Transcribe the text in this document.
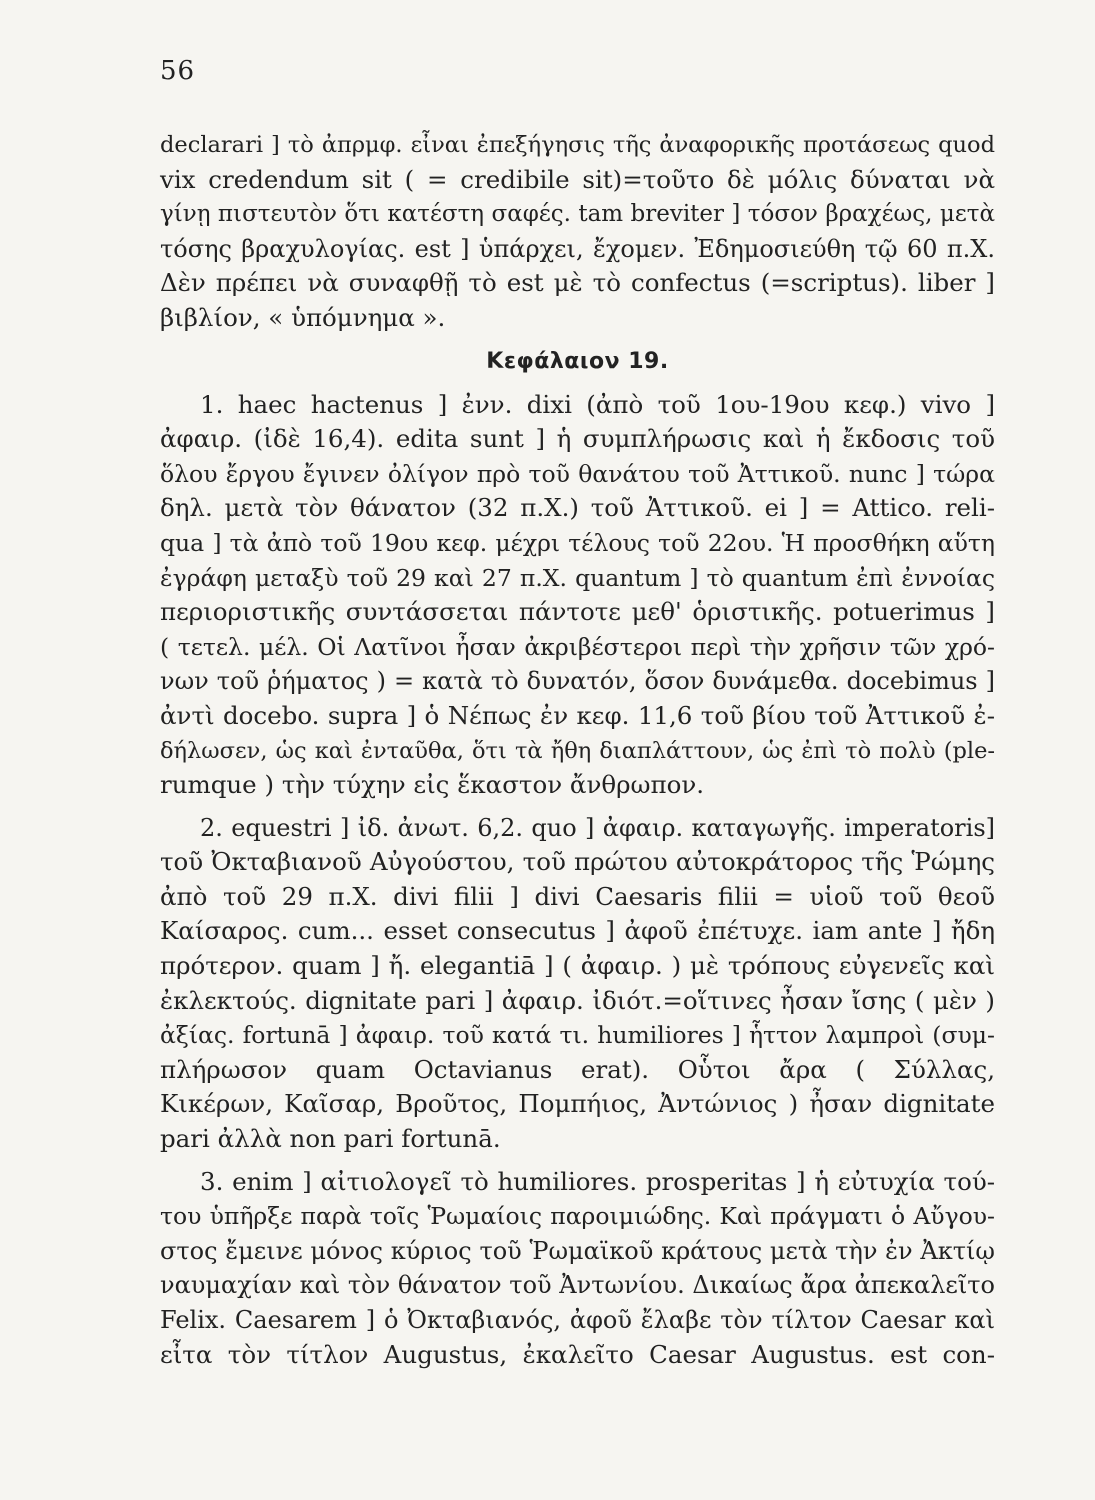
56
declarari ] τὸ ἀπρμφ. εἶναι ἐπεξήγησις τῆς ἀναφορικῆς προτάσεως quod
vix credendum sit ( = credibile sit)=τοῦτο δὲ μόλις δύναται νὰ
γίνῃ πιστευτὸν ὅτι κατέστη σαφές. tam breviter ] τόσον βραχέως, μετὰ
τόσης βραχυλογίας. est ] ὑπάρχει, ἔχομεν. Ἐδημοσιεύθη τῷ 60 π.Χ.
Δὲν πρέπει νὰ συναφθῇ τὸ est μὲ τὸ confectus (=scriptus). liber ]
βιβλίον, « ὑπόμνημα ».
Κεφάλαιον 19.
1. haec hactenus ] ἐνν. dixi (ἀπὸ τοῦ 1ου-19ου κεφ.) vivo ]
ἀφαιρ. (ἰδὲ 16,4). edita sunt ] ἡ συμπλήρωσις καὶ ἡ ἔκδοσις τοῦ
ὅλου ἔργου ἔγινεν ὀλίγον πρὸ τοῦ θανάτου τοῦ Ἀττικοῦ. nunc ] τώρα
δηλ. μετὰ τὸν θάνατον (32 π.Χ.) τοῦ Ἀττικοῦ. ei ] = Attico. reli-
qua ] τὰ ἀπὸ τοῦ 19ου κεφ. μέχρι τέλους τοῦ 22ου. Ἡ προσθήκη αὕτη
ἐγράφη μεταξὺ τοῦ 29 καὶ 27 π.Χ. quantum ] τὸ quantum ἐπὶ ἐννοίας
περιοριστικῆς συντάσσεται πάντοτε μεθ' ὁριστικῆς. potuerimus ]
( τετελ. μέλ. Οἱ Λατῖνοι ἦσαν ἀκριβέστεροι περὶ τὴν χρῆσιν τῶν χρό-
νων τοῦ ῥήματος ) = κατὰ τὸ δυνατόν, ὅσον δυνάμεθα. docebimus ]
ἀντὶ docebo. supra ] ὁ Νέπως ἐν κεφ. 11,6 τοῦ βίου τοῦ Ἀττικοῦ ἐ-
δήλωσεν, ὡς καὶ ἐνταῦθα, ὅτι τὰ ἤθη διαπλάττουν, ὡς ἐπὶ τὸ πολὺ (ple-
rumque ) τὴν τύχην εἰς ἕκαστον ἄνθρωπον.
2. equestri ] ἰδ. ἀνωτ. 6,2. quo ] ἀφαιρ. καταγωγῆς. imperatoris]
τοῦ Ὀκταβιανοῦ Αὐγούστου, τοῦ πρώτου αὐτοκράτορος τῆς Ῥώμης
ἀπὸ τοῦ 29 π.Χ. divi filii ] divi Caesaris filii = υἱοῦ τοῦ θεοῦ
Καίσαρος. cum... esset consecutus ] ἀφοῦ ἐπέτυχε. iam ante ] ἤδη
πρότερον. quam ] ἤ. elegantiā ] ( ἀφαιρ. ) μὲ τρόπους εὐγενεῖς καὶ
ἐκλεκτούς. dignitate pari ] ἀφαιρ. ἰδιότ.=οἵτινες ἦσαν ἴσης ( μὲν )
ἀξίας. fortunā ] ἀφαιρ. τοῦ κατά τι. humiliores ] ἧττον λαμπροὶ (συμ-
πλήρωσον quam Octavianus erat). Οὗτοι ἄρα ( Σύλλας,
Κικέρων, Καῖσαρ, Βροῦτος, Πομπήιος, Ἀντώνιος ) ἦσαν dignitate
pari ἀλλὰ non pari fortunā.
3. enim ] αἰτιολογεῖ τὸ humiliores. prosperitas ] ἡ εὐτυχία τού-
του ὑπῆρξε παρὰ τοῖς Ῥωμαίοις παροιμιώδης. Καὶ πράγματι ὁ Αὔγου-
στος ἔμεινε μόνος κύριος τοῦ Ῥωμαϊκοῦ κράτους μετὰ τὴν ἐν Ἀκτίῳ
ναυμαχίαν καὶ τὸν θάνατον τοῦ Ἀντωνίου. Δικαίως ἄρα ἀπεκαλεῖτο
Felix. Caesarem ] ὁ Ὀκταβιανός, ἀφοῦ ἔλαβε τὸν τίλτον Caesar καὶ
εἶτα τὸν τίτλον Augustus, ἐκαλεῖτο Caesar Augustus. est con-
